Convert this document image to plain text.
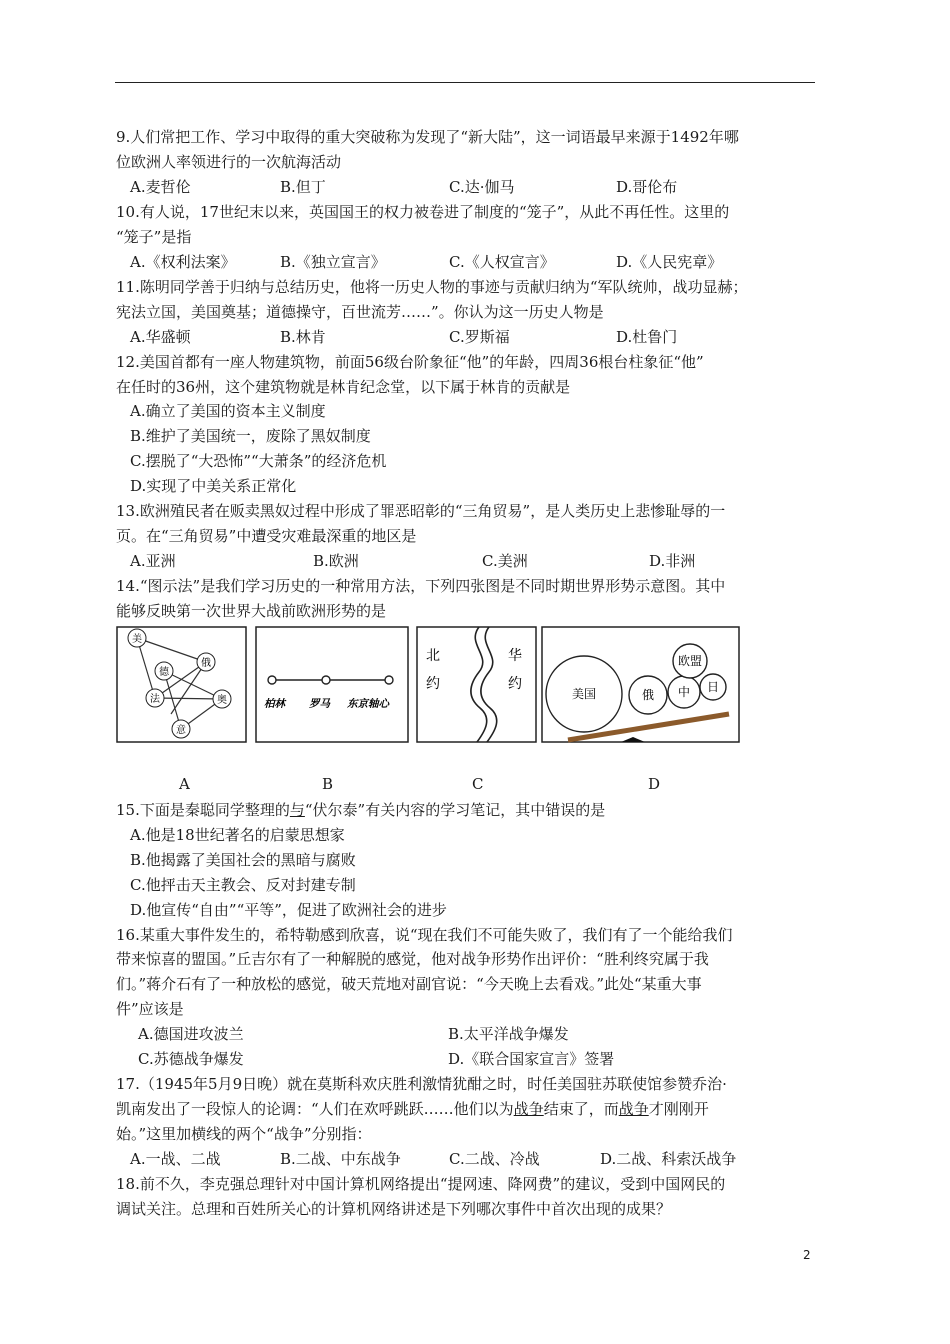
9.人们常把工作、学习中取得的重大突破称为发现了“新大陆”，这一词语最早来源于1492年哪
位欧洲人率领进行的一次航海活动
A.麦哲伦	B.但丁	C.达·伽马	D.哥伦布
10.有人说，17世纪末以来，英国国王的权力被卷进了制度的“笼子”，从此不再任性。这里的
“笼子”是指
A.《权利法案》	B.《独立宣言》	C.《人权宣言》	D.《人民宪章》
11.陈明同学善于归纳与总结历史，他将一历史人物的事迹与贡献归纳为“军队统帅，战功显赫；
宪法立国，美国奠基；道德操守，百世流芳……”。你认为这一历史人物是
A.华盛顿	B.林肯	C.罗斯福	D.杜鲁门
12.美国首都有一座人物建筑物，前面56级台阶象征“他”的年龄，四周36根台柱象征“他”
在任时的36州，这个建筑物就是林肯纪念堂，以下属于林肯的贡献是
A.确立了美国的资本主义制度
B.维护了美国统一，废除了黑奴制度
C.摆脱了“大恐怖”“大萧条”的经济危机
D.实现了中美关系正常化
13.欧洲殖民者在贩卖黑奴过程中形成了罪恶昭彰的“三角贸易”，是人类历史上悲惨耻辱的一
页。在“三角贸易”中遭受灾难最深重的地区是
A.亚洲	B.欧洲	C.美洲	D.非洲
14.“图示法”是我们学习历史的一种常用方法，下列四张图是不同时期世界形势示意图。其中
能够反映第一次世界大战前欧洲形势的是
美
德
俄
法	奥
意
柏林 罗马 东京轴心
北
约
华
约
美国	俄 中
欧盟
日
A	B	C	D
15.下面是秦聪同学整理的与“伏尔泰”有关内容的学习笔记，其中错误的是
A.他是18世纪著名的启蒙思想家
B.他揭露了美国社会的黑暗与腐败
C.他抨击天主教会、反对封建专制
D.他宣传“自由”“平等”，促进了欧洲社会的进步
16.某重大事件发生的，希特勒感到欣喜，说“现在我们不可能失败了，我们有了一个能给我们
带来惊喜的盟国。”丘吉尔有了一种解脱的感觉，他对战争形势作出评价：“胜利终究属于我
们。”蒋介石有了一种放松的感觉，破天荒地对副官说：“今天晚上去看戏。”此处“某重大事
件”应该是
A.德国进攻波兰	B.太平洋战争爆发
C.苏德战争爆发	D.《联合国家宣言》签署
17.（1945年5月9日晚）就在莫斯科欢庆胜利激情犹酣之时，时任美国驻苏联使馆参赞乔治·
凯南发出了一段惊人的论调：“人们在欢呼跳跃……他们以为战争结束了，而战争才刚刚开
始。”这里加横线的两个“战争”分别指：
A.一战、二战	B.二战、中东战争	C.二战、冷战	D.二战、科索沃战争
18.前不久，李克强总理针对中国计算机网络提出“提网速、降网费”的建议，受到中国网民的
调试关注。总理和百姓所关心的计算机网络讲述是下列哪次事件中首次出现的成果？
2
